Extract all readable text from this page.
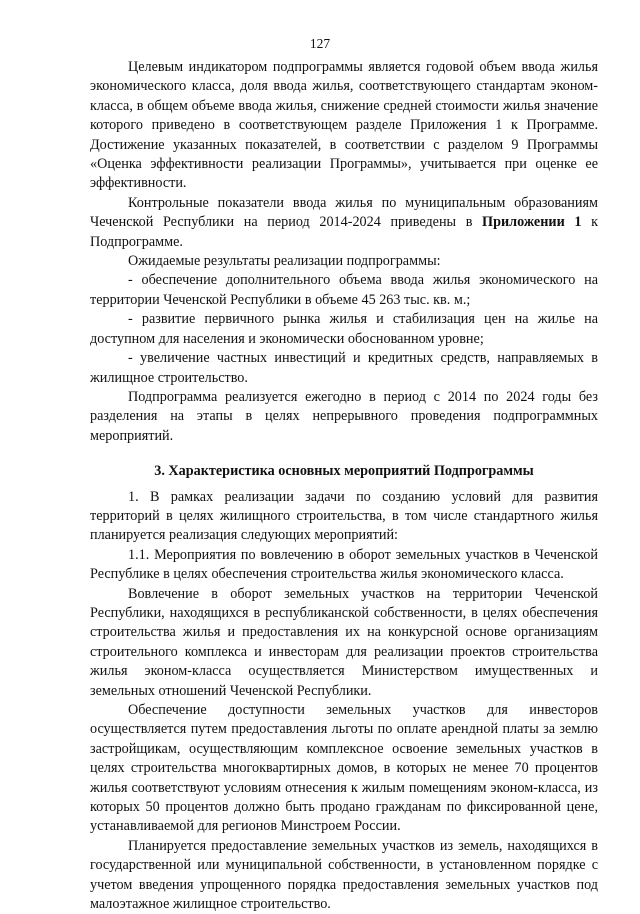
127

Целевым индикатором подпрограммы является годовой объем ввода жилья экономического класса, доля ввода жилья, соответствующего стандартам эконом-класса, в общем объеме ввода жилья, снижение средней стоимости жилья значение которого приведено в соответствующем разделе Приложения 1 к Программе. Достижение указанных показателей, в соответствии с разделом 9 Программы «Оценка эффективности реализации Программы», учитывается при оценке ее эффективности.

Контрольные показатели ввода жилья по муниципальным образованиям Чеченской Республики на период 2014-2024 приведены в Приложении 1 к Подпрограмме.

Ожидаемые результаты реализации подпрограммы:

- обеспечение дополнительного объема ввода жилья экономического на территории Чеченской Республики в объеме 45 263 тыс. кв. м.;

- развитие первичного рынка жилья и стабилизация цен на жилье на доступном для населения и экономически обоснованном уровне;

- увеличение частных инвестиций и кредитных средств, направляемых в жилищное строительство.

Подпрограмма реализуется ежегодно в период с 2014 по 2024 годы без разделения на этапы в целях непрерывного проведения подпрограммных мероприятий.

3. Характеристика основных мероприятий Подпрограммы

1. В рамках реализации задачи по созданию условий для развития территорий в целях жилищного строительства, в том числе стандартного жилья планируется реализация следующих мероприятий:

1.1. Мероприятия по вовлечению в оборот земельных участков в Чеченской Республике в целях обеспечения строительства жилья экономического класса.

Вовлечение в оборот земельных участков на территории Чеченской Республики, находящихся в республиканской собственности, в целях обеспечения строительства жилья и предоставления их на конкурсной основе организациям строительного комплекса и инвесторам для реализации проектов строительства жилья эконом-класса осуществляется Министерством имущественных и земельных отношений Чеченской Республики.

Обеспечение доступности земельных участков для инвесторов осуществляется путем предоставления льготы по оплате арендной платы за землю застройщикам, осуществляющим комплексное освоение земельных участков в целях строительства многоквартирных домов, в которых не менее 70 процентов жилья соответствуют условиям отнесения к жилым помещениям эконом-класса, из которых 50 процентов должно быть продано гражданам по фиксированной цене, устанавливаемой для регионов Минстроем России.

Планируется предоставление земельных участков из земель, находящихся в государственной или муниципальной собственности, в установленном порядке с учетом введения упрощенного порядка предоставления земельных участков под малоэтажное жилищное строительство.
